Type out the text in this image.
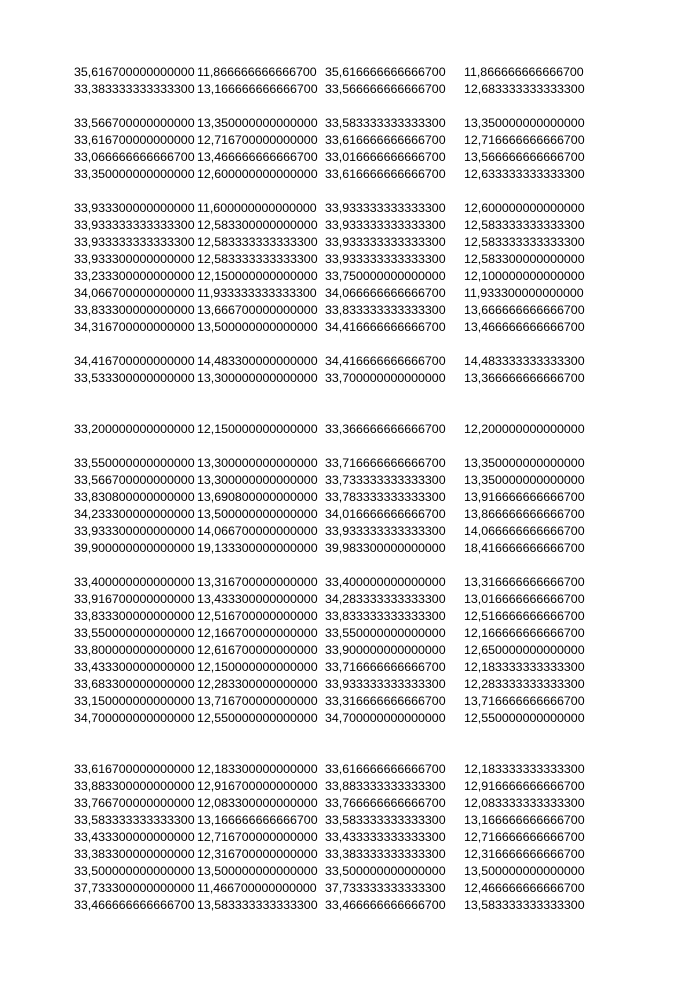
35,616700000000000 11,866666666666700 35,616666666666700 11,866666666666700
33,383333333333300 13,166666666666700 33,566666666666700 12,683333333333300
33,566700000000000 13,350000000000000 33,583333333333300 13,350000000000000
33,616700000000000 12,716700000000000 33,616666666666700 12,716666666666700
33,066666666666700 13,466666666666700 33,016666666666700 13,566666666666700
33,350000000000000 12,600000000000000 33,616666666666700 12,633333333333300
33,933300000000000 11,600000000000000 33,933333333333300 12,600000000000000
33,933333333333300 12,583300000000000 33,933333333333300 12,583333333333300
33,933333333333300 12,583333333333300 33,933333333333300 12,583333333333300
33,933300000000000 12,583333333333300 33,933333333333300 12,583300000000000
33,233300000000000 12,150000000000000 33,750000000000000 12,100000000000000
34,066700000000000 11,933333333333300 34,066666666666700 11,933300000000000
33,833300000000000 13,666700000000000 33,833333333333300 13,666666666666700
34,316700000000000 13,500000000000000 34,416666666666700 13,466666666666700
34,416700000000000 14,483300000000000 34,416666666666700 14,483333333333300
33,533300000000000 13,300000000000000 33,700000000000000 13,366666666666700
33,200000000000000 12,150000000000000 33,366666666666700 12,200000000000000
33,550000000000000 13,300000000000000 33,716666666666700 13,350000000000000
33,566700000000000 13,300000000000000 33,733333333333300 13,350000000000000
33,830800000000000 13,690800000000000 33,783333333333300 13,916666666666700
34,233300000000000 13,500000000000000 34,016666666666700 13,866666666666700
33,933300000000000 14,066700000000000 33,933333333333300 14,066666666666700
39,900000000000000 19,133300000000000 39,983300000000000 18,416666666666700
33,400000000000000 13,316700000000000 33,400000000000000 13,316666666666700
33,916700000000000 13,433300000000000 34,283333333333300 13,016666666666700
33,833300000000000 12,516700000000000 33,833333333333300 12,516666666666700
33,550000000000000 12,166700000000000 33,550000000000000 12,166666666666700
33,800000000000000 12,616700000000000 33,900000000000000 12,650000000000000
33,433300000000000 12,150000000000000 33,716666666666700 12,183333333333300
33,683300000000000 12,283300000000000 33,933333333333300 12,283333333333300
33,150000000000000 13,716700000000000 33,316666666666700 13,716666666666700
34,700000000000000 12,550000000000000 34,700000000000000 12,550000000000000
33,616700000000000 12,183300000000000 33,616666666666700 12,183333333333300
33,883300000000000 12,916700000000000 33,883333333333300 12,916666666666700
33,766700000000000 12,083300000000000 33,766666666666700 12,083333333333300
33,583333333333300 13,166666666666700 33,583333333333300 13,166666666666700
33,433300000000000 12,716700000000000 33,433333333333300 12,716666666666700
33,383300000000000 12,316700000000000 33,383333333333300 12,316666666666700
33,500000000000000 13,500000000000000 33,500000000000000 13,500000000000000
37,733300000000000 11,466700000000000 37,733333333333300 12,466666666666700
33,466666666666700 13,583333333333300 33,466666666666700 13,583333333333300
